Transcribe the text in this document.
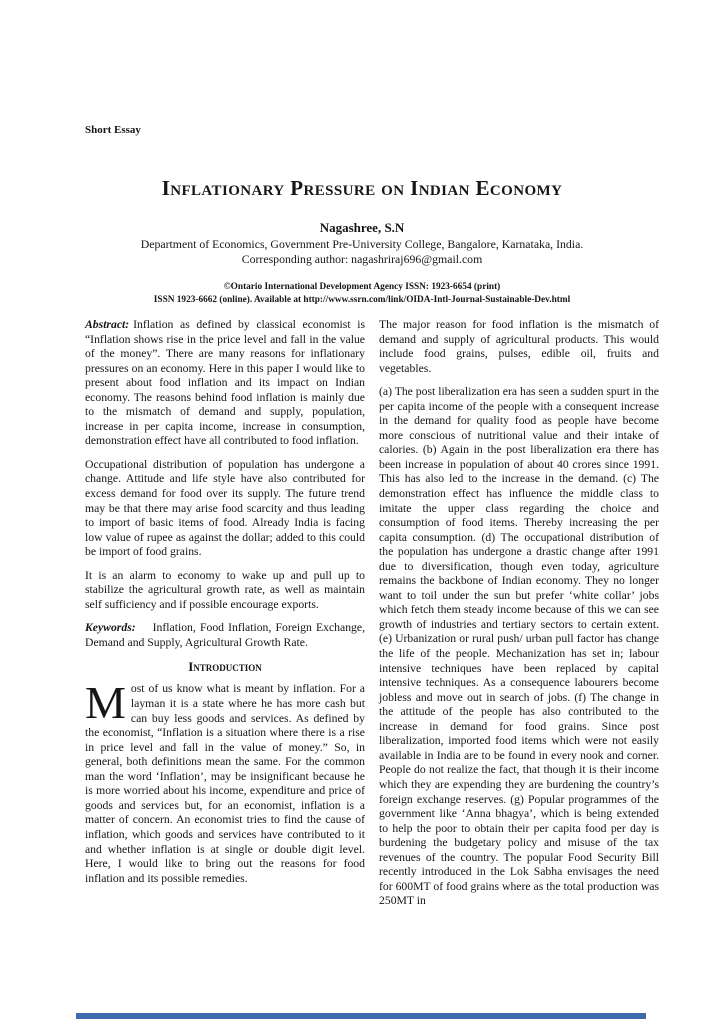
Short Essay
Inflationary Pressure on Indian Economy
Nagashree, S.N
Department of Economics, Government Pre-University College, Bangalore, Karnataka, India.
Corresponding author: nagashriraj696@gmail.com
©Ontario International Development Agency ISSN: 1923-6654 (print)
ISSN 1923-6662 (online). Available at http://www.ssrn.com/link/OIDA-Intl-Journal-Sustainable-Dev.html

Abstract: Inflation as defined by classical economist is “Inflation shows rise in the price level and fall in the value of the money”. There are many reasons for inflationary pressures on an economy. Here in this paper I would like to present about food inflation and its impact on Indian economy. The reasons behind food inflation is mainly due to the mismatch of demand and supply, population, increase in per capita income, increase in consumption, demonstration effect have all contributed to food inflation.

Occupational distribution of population has undergone a change. Attitude and life style have also contributed for excess demand for food over its supply. The future trend may be that there may arise food scarcity and thus leading to import of basic items of food. Already India is facing low value of rupee as against the dollar; added to this could be import of food grains.

It is an alarm to economy to wake up and pull up to stabilize the agricultural growth rate, as well as maintain self sufficiency and if possible encourage exports.

Keywords: Inflation, Food Inflation, Foreign Exchange, Demand and Supply, Agricultural Growth Rate.

Introduction

Most of us know what is meant by inflation. For a layman it is a state where he has more cash but can buy less goods and services. As defined by the economist, “Inflation is a situation where there is a rise in price level and fall in the value of money.” So, in general, both definitions mean the same. For the common man the word ‘Inflation’, may be insignificant because he is more worried about his income, expenditure and price of goods and services but, for an economist, inflation is a matter of concern. An economist tries to find the cause of inflation, which goods and services have contributed to it and whether inflation is at single or double digit level. Here, I would like to bring out the reasons for food inflation and its possible remedies.

The major reason for food inflation is the mismatch of demand and supply of agricultural products. This would include food grains, pulses, edible oil, fruits and vegetables.

(a) The post liberalization era has seen a sudden spurt in the per capita income of the people with a consequent increase in the demand for quality food as people have become more conscious of nutritional value and their intake of calories. (b) Again in the post liberalization era there has been increase in population of about 40 crores since 1991. This has also led to the increase in the demand. (c) The demonstration effect has influence the middle class to imitate the upper class regarding the choice and consumption of food items. Thereby increasing the per capita consumption. (d) The occupational distribution of the population has undergone a drastic change after 1991 due to diversification, though even today, agriculture remains the backbone of Indian economy. They no longer want to toil under the sun but prefer ‘white collar’ jobs which fetch them steady income because of this we can see growth of industries and tertiary sectors to certain extent. (e) Urbanization or rural push/ urban pull factor has change the life of the people. Mechanization has set in; labour intensive techniques have been replaced by capital intensive techniques. As a consequence labourers become jobless and move out in search of jobs. (f) The change in the attitude of the people has also contributed to the increase in demand for food grains. Since post liberalization, imported food items which were not easily available in India are to be found in every nook and corner. People do not realize the fact, that though it is their income which they are expending they are burdening the country’s foreign exchange reserves. (g) Popular programmes of the government like ‘Anna bhagya’, which is being extended to help the poor to obtain their per capita food per day is burdening the budgetary policy and misuse of the tax revenues of the country. The popular Food Security Bill recently introduced in the Lok Sabha envisages the need for 600MT of food grains where as the total production was 250MT in
